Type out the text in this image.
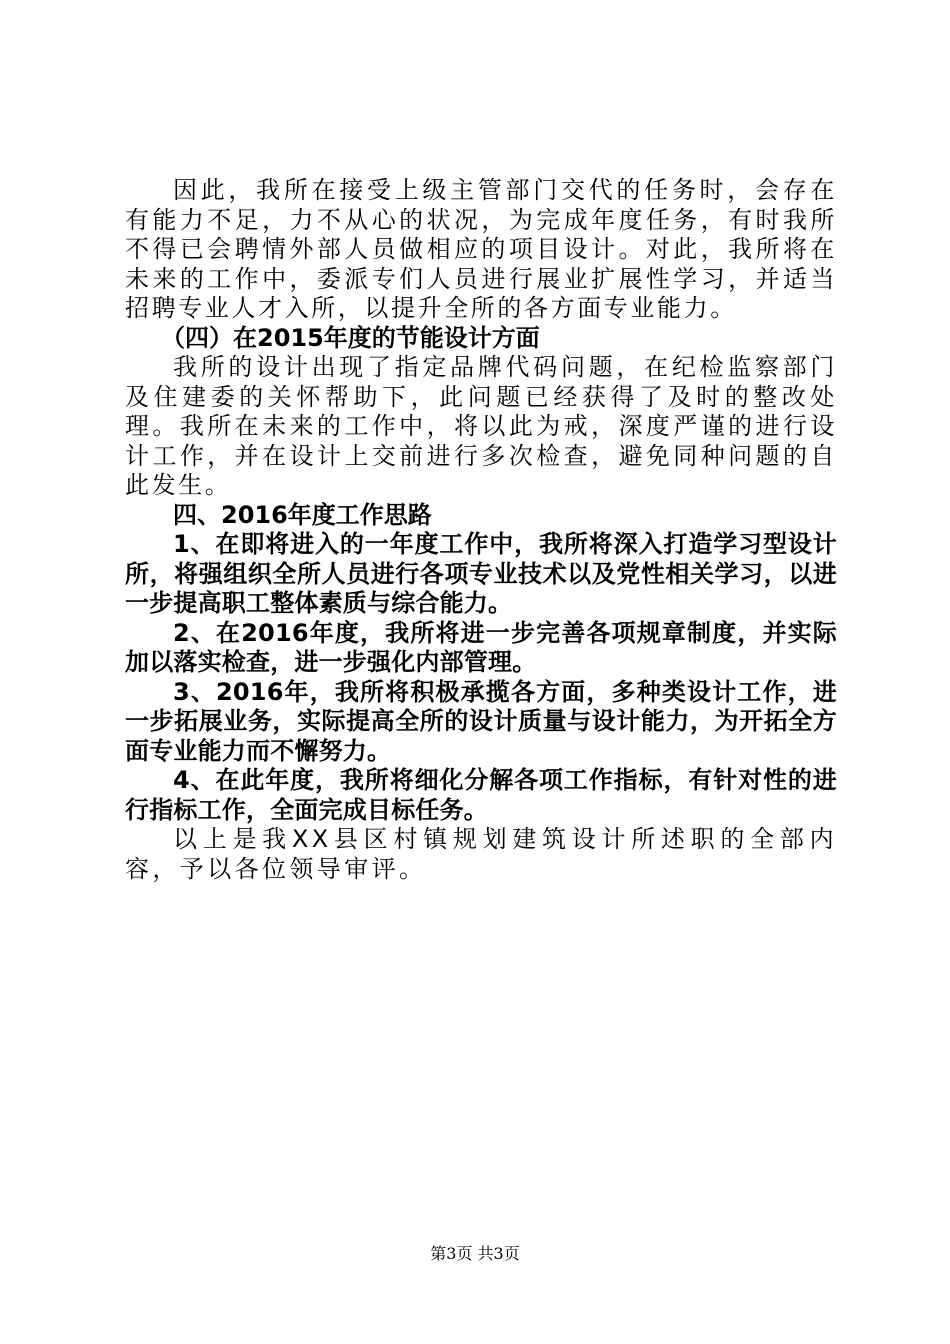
因此，我所在接受上级主管部门交代的任务时，会存在有能力不足，力不从心的状况，为完成年度任务，有时我所不得已会聘情外部人员做相应的项目设计。对此，我所将在未来的工作中，委派专们人员进行展业扩展性学习，并适当招聘专业人才入所，以提升全所的各方面专业能力。

（四）在2015年度的节能设计方面

我所的设计出现了指定品牌代码问题，在纪检监察部门及住建委的关怀帮助下，此问题已经获得了及时的整改处理。我所在未来的工作中，将以此为戒，深度严谨的进行设计工作，并在设计上交前进行多次检查，避免同种问题的自此发生。

四、2016年度工作思路

1、在即将进入的一年度工作中，我所将深入打造学习型设计所，将强组织全所人员进行各项专业技术以及党性相关学习，以进一步提高职工整体素质与综合能力。

2、在2016年度，我所将进一步完善各项规章制度，并实际加以落实检查，进一步强化内部管理。

3、2016年，我所将积极承揽各方面，多种类设计工作，进一步拓展业务，实际提高全所的设计质量与设计能力，为开拓全方面专业能力而不懈努力。

4、在此年度，我所将细化分解各项工作指标，有针对性的进行指标工作，全面完成目标任务。

以上是我XX县区村镇规划建筑设计所述职的全部内容，予以各位领导审评。

第3页 共3页
